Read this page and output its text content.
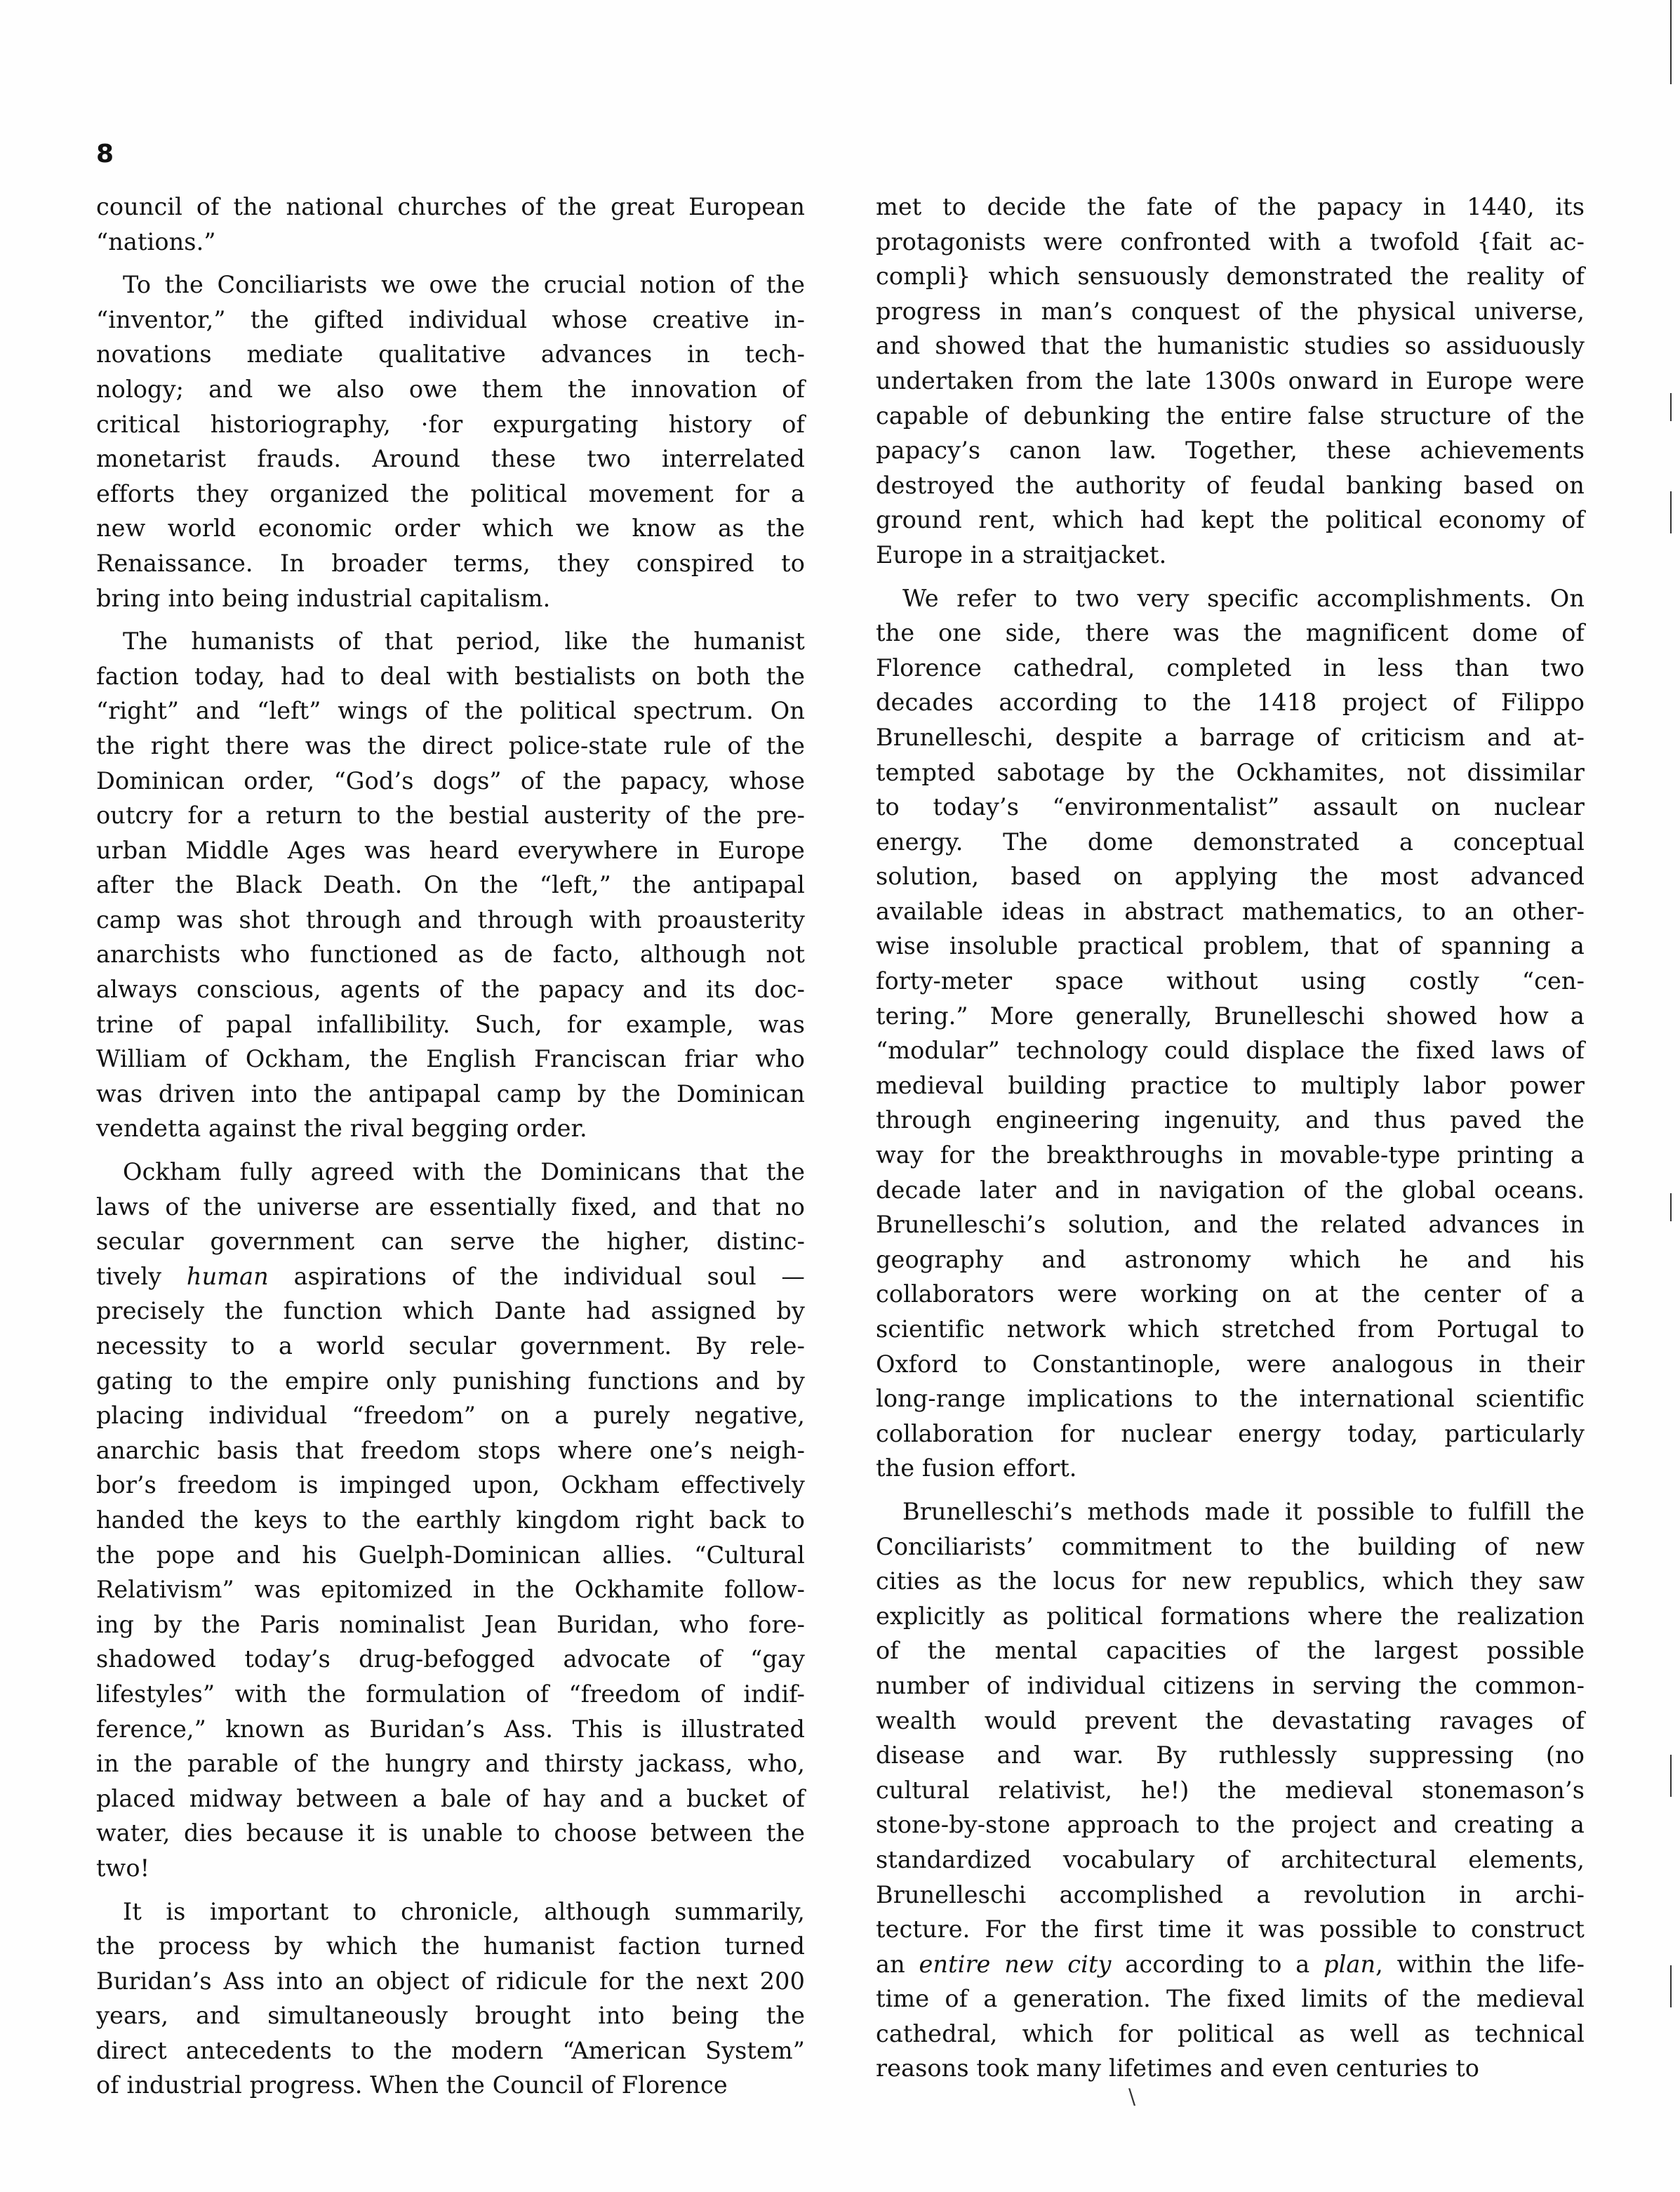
8
council of the national churches of the great European
“nations.”
To the Conciliarists we owe the crucial notion of the
“inventor,” the gifted individual whose creative in-
novations mediate qualitative advances in tech-
nology; and we also owe them the innovation of
critical historiography, ·for expurgating history of
monetarist frauds. Around these two interrelated
efforts they organized the political movement for a
new world economic order which we know as the
Renaissance. In broader terms, they conspired to
bring into being industrial capitalism.
The humanists of that period, like the humanist
faction today, had to deal with bestialists on both the
“right” and “left” wings of the political spectrum. On
the right there was the direct police-state rule of the
Dominican order, “God’s dogs” of the papacy, whose
outcry for a return to the bestial austerity of the pre-
urban Middle Ages was heard everywhere in Europe
after the Black Death. On the “left,” the antipapal
camp was shot through and through with proausterity
anarchists who functioned as de facto, although not
always conscious, agents of the papacy and its doc-
trine of papal infallibility. Such, for example, was
William of Ockham, the English Franciscan friar who
was driven into the antipapal camp by the Dominican
vendetta against the rival begging order.
Ockham fully agreed with the Dominicans that the
laws of the universe are essentially fixed, and that no
secular government can serve the higher, distinc-
tively human aspirations of the individual soul —
precisely the function which Dante had assigned by
necessity to a world secular government. By rele-
gating to the empire only punishing functions and by
placing individual “freedom” on a purely negative,
anarchic basis that freedom stops where one’s neigh-
bor’s freedom is impinged upon, Ockham effectively
handed the keys to the earthly kingdom right back to
the pope and his Guelph-Dominican allies. “Cultural
Relativism” was epitomized in the Ockhamite follow-
ing by the Paris nominalist Jean Buridan, who fore-
shadowed today’s drug-befogged advocate of “gay
lifestyles” with the formulation of “freedom of indif-
ference,” known as Buridan’s Ass. This is illustrated
in the parable of the hungry and thirsty jackass, who,
placed midway between a bale of hay and a bucket of
water, dies because it is unable to choose between the
two!
It is important to chronicle, although summarily,
the process by which the humanist faction turned
Buridan’s Ass into an object of ridicule for the next 200
years, and simultaneously brought into being the
direct antecedents to the modern “American System”
of industrial progress. When the Council of Florence
met to decide the fate of the papacy in 1440, its
protagonists were confronted with a twofold {fait ac-
compli} which sensuously demonstrated the reality of
progress in man’s conquest of the physical universe,
and showed that the humanistic studies so assiduously
undertaken from the late 1300s onward in Europe were
capable of debunking the entire false structure of the
papacy’s canon law. Together, these achievements
destroyed the authority of feudal banking based on
ground rent, which had kept the political economy of
Europe in a straitjacket.
We refer to two very specific accomplishments. On
the one side, there was the magnificent dome of
Florence cathedral, completed in less than two
decades according to the 1418 project of Filippo
Brunelleschi, despite a barrage of criticism and at-
tempted sabotage by the Ockhamites, not dissimilar
to today’s “environmentalist” assault on nuclear
energy. The dome demonstrated a conceptual
solution, based on applying the most advanced
available ideas in abstract mathematics, to an other-
wise insoluble practical problem, that of spanning a
forty-meter space without using costly “cen-
tering.” More generally, Brunelleschi showed how a
“modular” technology could displace the fixed laws of
medieval building practice to multiply labor power
through engineering ingenuity, and thus paved the
way for the breakthroughs in movable-type printing a
decade later and in navigation of the global oceans.
Brunelleschi’s solution, and the related advances in
geography and astronomy which he and his
collaborators were working on at the center of a
scientific network which stretched from Portugal to
Oxford to Constantinople, were analogous in their
long-range implications to the international scientific
collaboration for nuclear energy today, particularly
the fusion effort.
Brunelleschi’s methods made it possible to fulfill the
Conciliarists’ commitment to the building of new
cities as the locus for new republics, which they saw
explicitly as political formations where the realization
of the mental capacities of the largest possible
number of individual citizens in serving the common-
wealth would prevent the devastating ravages of
disease and war. By ruthlessly suppressing (no
cultural relativist, he!) the medieval stonemason’s
stone-by-stone approach to the project and creating a
standardized vocabulary of architectural elements,
Brunelleschi accomplished a revolution in archi-
tecture. For the first time it was possible to construct
an entire new city according to a plan, within the life-
time of a generation. The fixed limits of the medieval
cathedral, which for political as well as technical
reasons took many lifetimes and even centuries to
\
